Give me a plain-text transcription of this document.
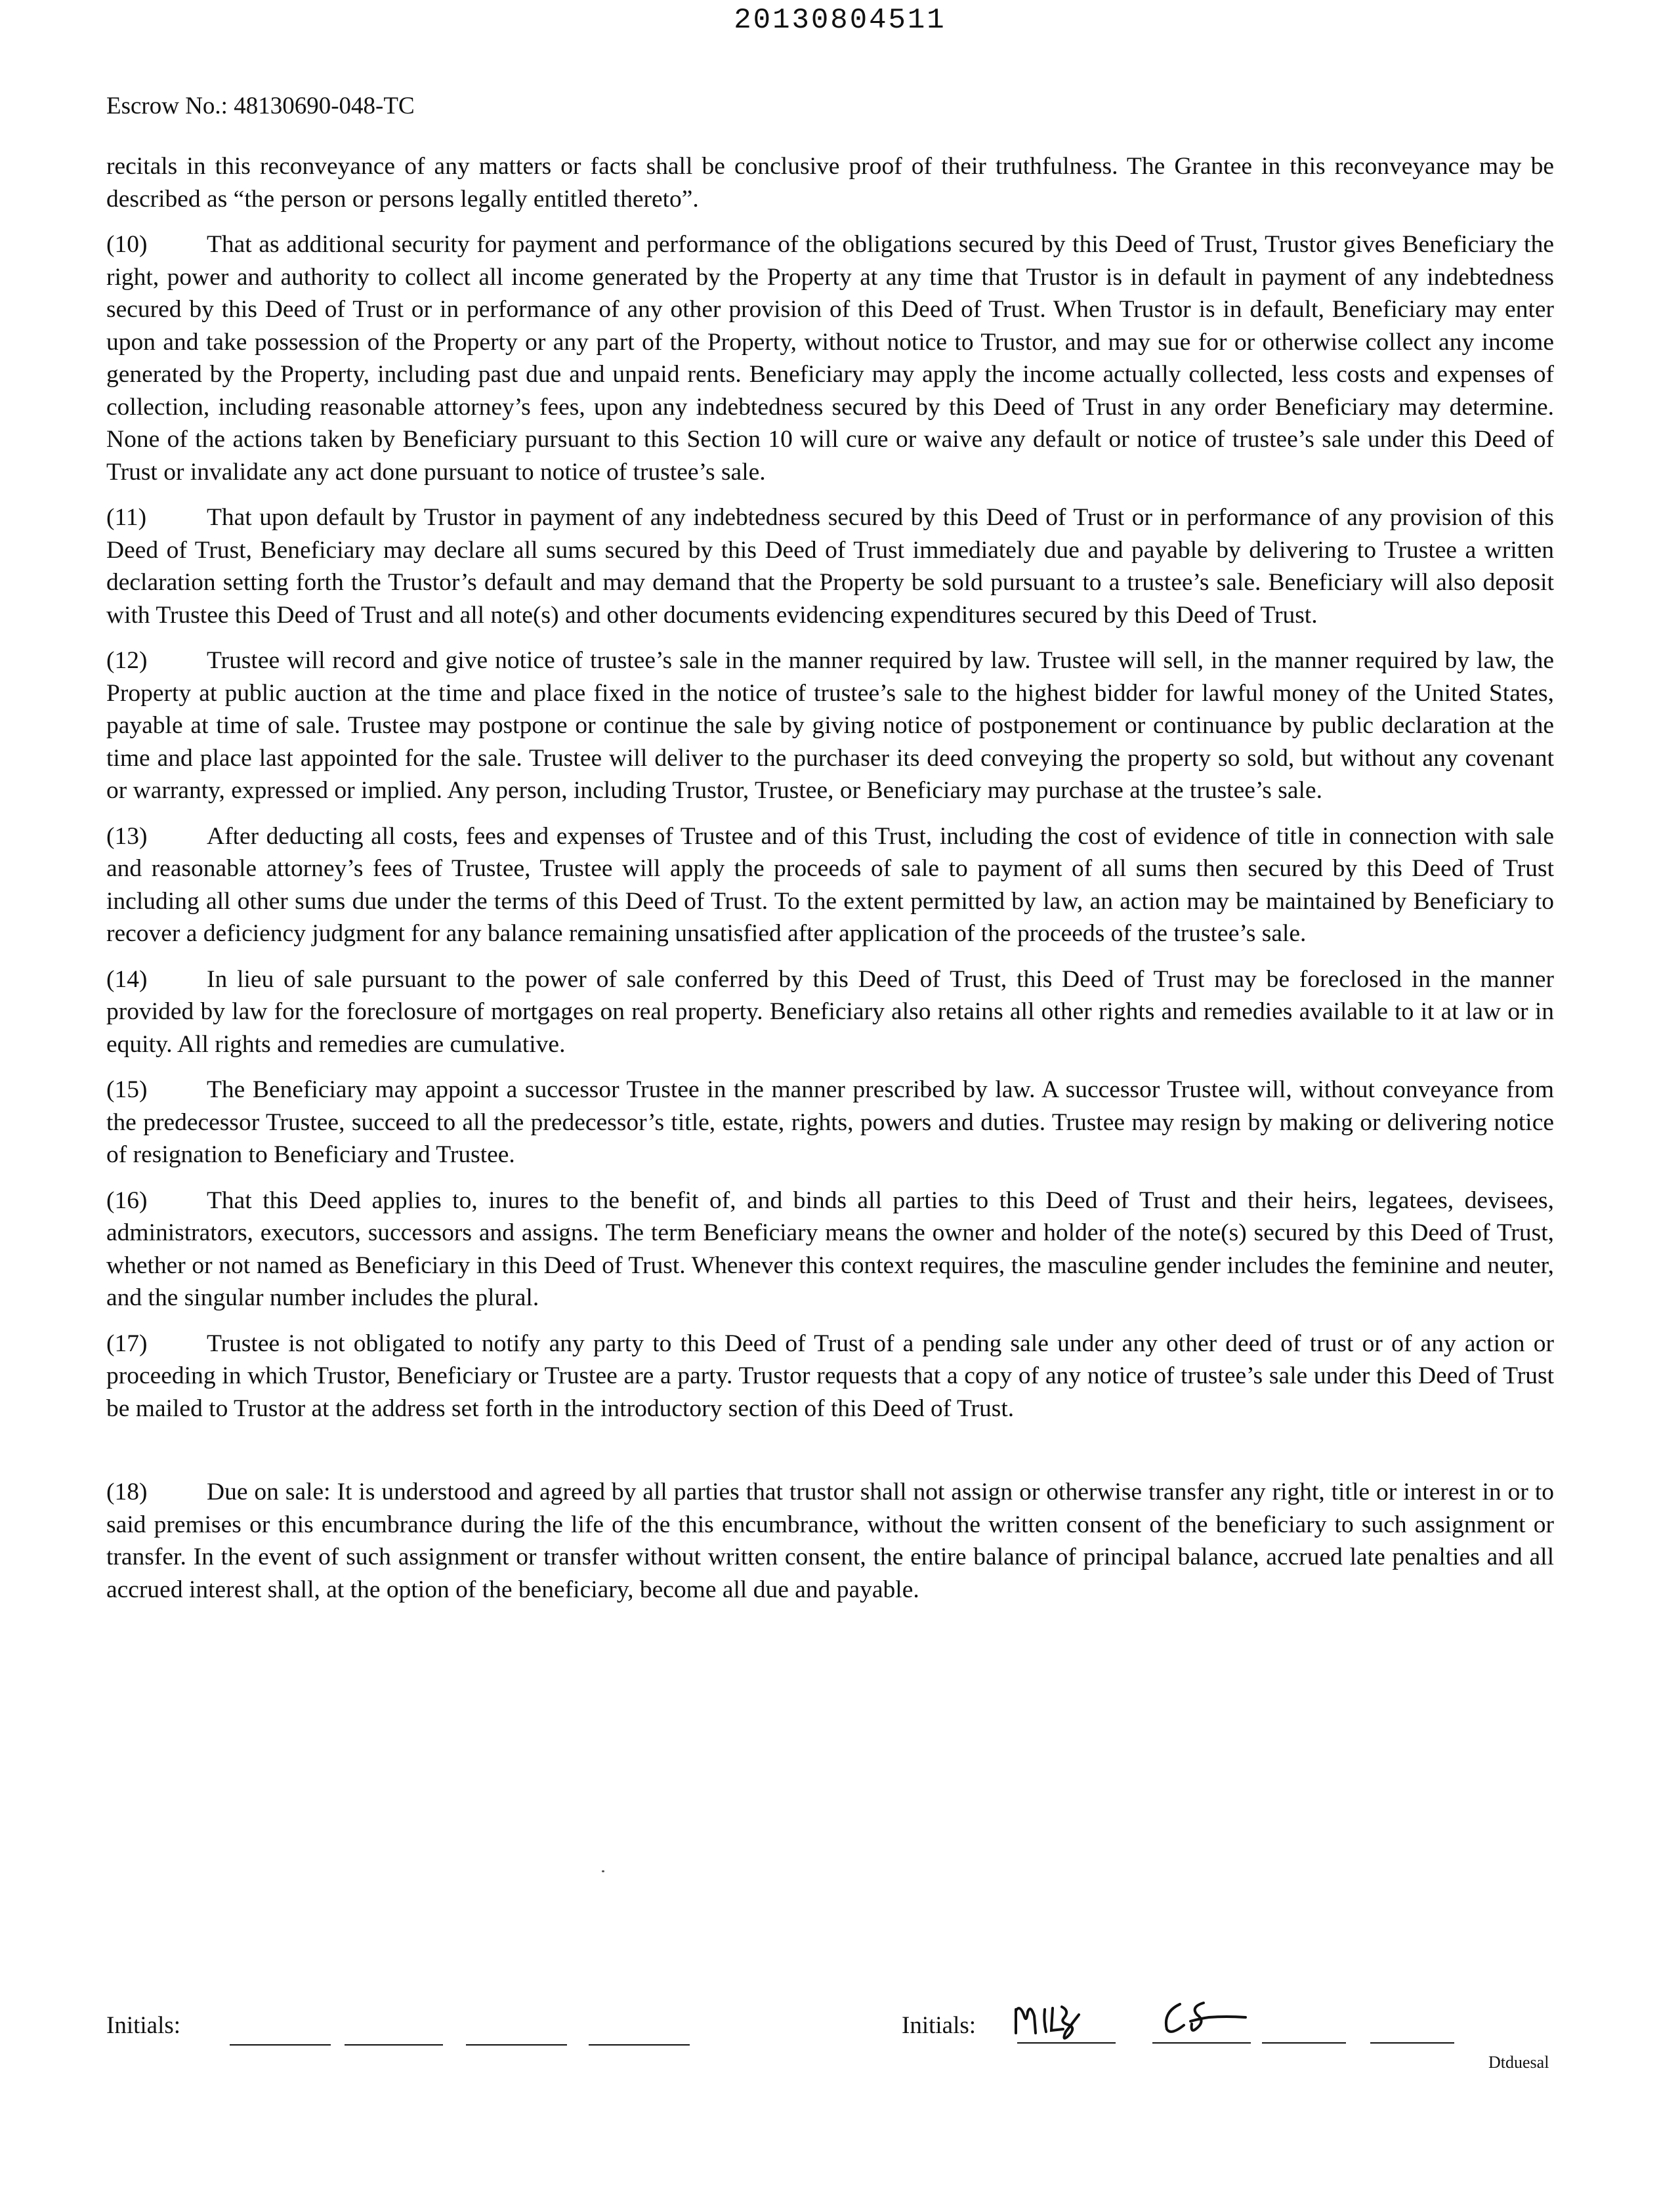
20130804511
Escrow No.: 48130690-048-TC

recitals in this reconveyance of any matters or facts shall be conclusive proof of their truthfulness. The Grantee in this reconveyance may be described as “the person or persons legally entitled thereto”.

(10) That as additional security for payment and performance of the obligations secured by this Deed of Trust, Trustor gives Beneficiary the right, power and authority to collect all income generated by the Property at any time that Trustor is in default in payment of any indebtedness secured by this Deed of Trust or in performance of any other provision of this Deed of Trust. When Trustor is in default, Beneficiary may enter upon and take possession of the Property or any part of the Property, without notice to Trustor, and may sue for or otherwise collect any income generated by the Property, including past due and unpaid rents. Beneficiary may apply the income actually collected, less costs and expenses of collection, including reasonable attorney’s fees, upon any indebtedness secured by this Deed of Trust in any order Beneficiary may determine. None of the actions taken by Beneficiary pursuant to this Section 10 will cure or waive any default or notice of trustee’s sale under this Deed of Trust or invalidate any act done pursuant to notice of trustee’s sale.

(11) That upon default by Trustor in payment of any indebtedness secured by this Deed of Trust or in performance of any provision of this Deed of Trust, Beneficiary may declare all sums secured by this Deed of Trust immediately due and payable by delivering to Trustee a written declaration setting forth the Trustor’s default and may demand that the Property be sold pursuant to a trustee’s sale. Beneficiary will also deposit with Trustee this Deed of Trust and all note(s) and other documents evidencing expenditures secured by this Deed of Trust.

(12) Trustee will record and give notice of trustee’s sale in the manner required by law. Trustee will sell, in the manner required by law, the Property at public auction at the time and place fixed in the notice of trustee’s sale to the highest bidder for lawful money of the United States, payable at time of sale. Trustee may postpone or continue the sale by giving notice of postponement or continuance by public declaration at the time and place last appointed for the sale. Trustee will deliver to the purchaser its deed conveying the property so sold, but without any covenant or warranty, expressed or implied. Any person, including Trustor, Trustee, or Beneficiary may purchase at the trustee’s sale.

(13) After deducting all costs, fees and expenses of Trustee and of this Trust, including the cost of evidence of title in connection with sale and reasonable attorney’s fees of Trustee, Trustee will apply the proceeds of sale to payment of all sums then secured by this Deed of Trust including all other sums due under the terms of this Deed of Trust. To the extent permitted by law, an action may be maintained by Beneficiary to recover a deficiency judgment for any balance remaining unsatisfied after application of the proceeds of the trustee’s sale.

(14) In lieu of sale pursuant to the power of sale conferred by this Deed of Trust, this Deed of Trust may be foreclosed in the manner provided by law for the foreclosure of mortgages on real property. Beneficiary also retains all other rights and remedies available to it at law or in equity. All rights and remedies are cumulative.

(15) The Beneficiary may appoint a successor Trustee in the manner prescribed by law. A successor Trustee will, without conveyance from the predecessor Trustee, succeed to all the predecessor’s title, estate, rights, powers and duties. Trustee may resign by making or delivering notice of resignation to Beneficiary and Trustee.

(16) That this Deed applies to, inures to the benefit of, and binds all parties to this Deed of Trust and their heirs, legatees, devisees, administrators, executors, successors and assigns. The term Beneficiary means the owner and holder of the note(s) secured by this Deed of Trust, whether or not named as Beneficiary in this Deed of Trust. Whenever this context requires, the masculine gender includes the feminine and neuter, and the singular number includes the plural.

(17) Trustee is not obligated to notify any party to this Deed of Trust of a pending sale under any other deed of trust or of any action or proceeding in which Trustor, Beneficiary or Trustee are a party. Trustor requests that a copy of any notice of trustee’s sale under this Deed of Trust be mailed to Trustor at the address set forth in the introductory section of this Deed of Trust.

(18) Due on sale: It is understood and agreed by all parties that trustor shall not assign or otherwise transfer any right, title or interest in or to said premises or this encumbrance during the life of the this encumbrance, without the written consent of the beneficiary to such assignment or transfer. In the event of such assignment or transfer without written consent, the entire balance of principal balance, accrued late penalties and all accrued interest shall, at the option of the beneficiary, become all due and payable.

Initials:	Initials:
Dtduesal
